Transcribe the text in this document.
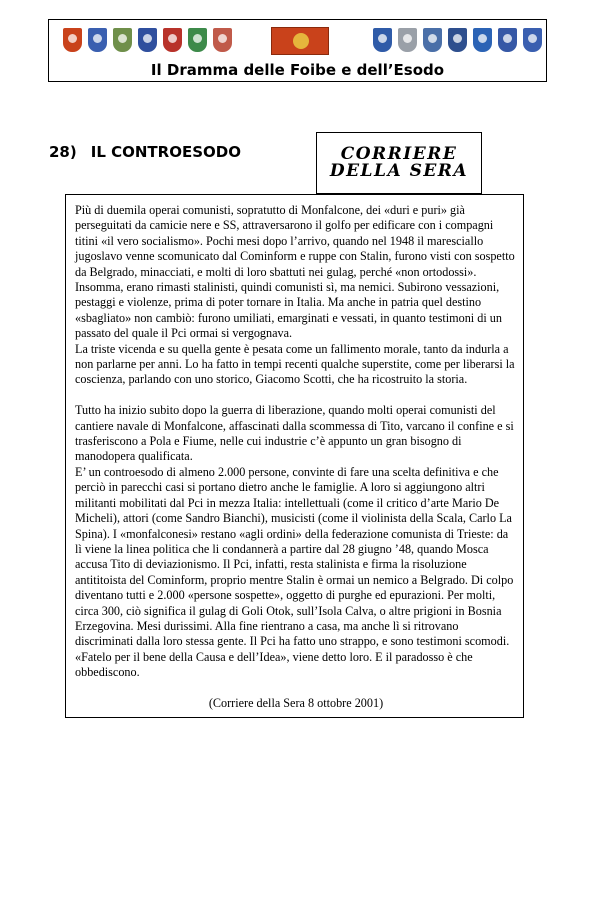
Il Dramma delle Foibe e dell’Esodo
28) IL CONTROESODO	CORRIERE
DELLA SERA

Più di duemila operai comunisti, sopratutto di Monfalcone, dei «duri e puri» già perseguitati da camicie nere e SS, attraversarono il golfo per edificare con i compagni titini «il vero socialismo». Pochi mesi dopo l’arrivo, quando nel 1948 il maresciallo jugoslavo venne scomunicato dal Cominform e ruppe con Stalin, furono visti con sospetto da Belgrado, minacciati, e molti di loro sbattuti nei gulag, perché «non ortodossi». Insomma, erano rimasti stalinisti, quindi comunisti sì, ma nemici. Subirono vessazioni, pestaggi e violenze, prima di poter tornare in Italia. Ma anche in patria quel destino «sbagliato» non cambiò: furono umiliati, emarginati e vessati, in quanto testimoni di un passato del quale il Pci ormai si vergognava.

La triste vicenda e su quella gente è pesata come un fallimento morale, tanto da indurla a non parlarne per anni. Lo ha fatto in tempi recenti qualche superstite, come per liberarsi la coscienza, parlando con uno storico, Giacomo Scotti, che ha ricostruito la storia.

Tutto ha inizio subito dopo la guerra di liberazione, quando molti operai comunisti del cantiere navale di Monfalcone, affascinati dalla scommessa di Tito, varcano il confine e si trasferiscono a Pola e Fiume, nelle cui industrie c’è appunto un gran bisogno di manodopera qualificata.

E’ un controesodo di almeno 2.000 persone, convinte di fare una scelta definitiva e che perciò in parecchi casi si portano dietro anche le famiglie. A loro si aggiungono altri militanti mobilitati dal Pci in mezza Italia: intellettuali (come il critico d’arte Mario De Micheli), attori (come Sandro Bianchi), musicisti (come il violinista della Scala, Carlo La Spina). I «monfalconesi» restano «agli ordini» della federazione comunista di Trieste: da lì viene la linea politica che li condannerà a partire dal 28 giugno ’48, quando Mosca accusa Tito di deviazionismo. Il Pci, infatti, resta stalinista e firma la risoluzione antititoista del Cominform, proprio mentre Stalin è ormai un nemico a Belgrado. Di colpo diventano tutti e 2.000 «persone sospette», oggetto di purghe ed epurazioni. Per molti, circa 300, ciò significa il gulag di Goli Otok, sull’Isola Calva, o altre prigioni in Bosnia Erzegovina. Mesi durissimi. Alla fine rientrano a casa, ma anche lì si ritrovano discriminati dalla loro stessa gente. Il Pci ha fatto uno strappo, e sono testimoni scomodi. «Fatelo per il bene della Causa e dell’Idea», viene detto loro. E il paradosso è che obbediscono.

(Corriere della Sera 8 ottobre 2001)
